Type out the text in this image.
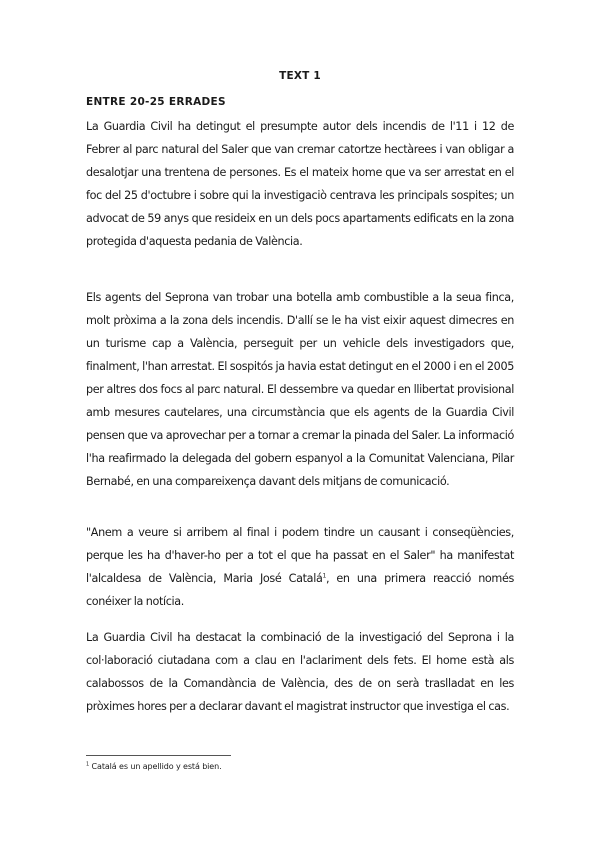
TEXT 1
ENTRE 20-25 ERRADES

La Guardia Civil ha detingut el presumpte autor dels incendis de l'11 i 12 de Febrer al parc natural del Saler que van cremar catortze hectàrees i van obligar a desalotjar una trentena de persones. Es el mateix home que va ser arrestat en el foc del 25 d'octubre i sobre qui la investigaciò centrava les principals sospites; un advocat de 59 anys que resideix en un dels pocs apartaments edificats en la zona protegida d'aquesta pedania de València.

Els agents del Seprona van trobar una botella amb combustible a la seua finca, molt pròxima a la zona dels incendis. D'allí se le ha vist eixir aquest dimecres en un turisme cap a València, perseguit per un vehicle dels investigadors que, finalment, l'han arrestat. El sospitós ja havia estat detingut en el 2000 i en el 2005 per altres dos focs al parc natural. El dessembre va quedar en llibertat provisional amb mesures cautelares, una circumstància que els agents de la Guardia Civil pensen que va aprovechar per a tornar a cremar la pinada del Saler. La informació l'ha reafirmado la delegada del gobern espanyol a la Comunitat Valenciana, Pilar Bernabé, en una compareixença davant dels mitjans de comunicació.

"Anem a veure si arribem al final i podem tindre un causant i conseqüències, perque les ha d'haver-ho per a tot el que ha passat en el Saler" ha manifestat l'alcaldesa de València, Maria José Catalá$^1$, en una primera reacció només conéixer la notícia.

La Guardia Civil ha destacat la combinació de la investigació del Seprona i la col·laboració ciutadana com a clau en l'aclariment dels fets. El home està als calabossos de la Comandància de València, des de on serà traslladat en les pròximes hores per a declarar davant el magistrat instructor que investiga el cas.

$^1$ Catalá es un apellido y está bien.
